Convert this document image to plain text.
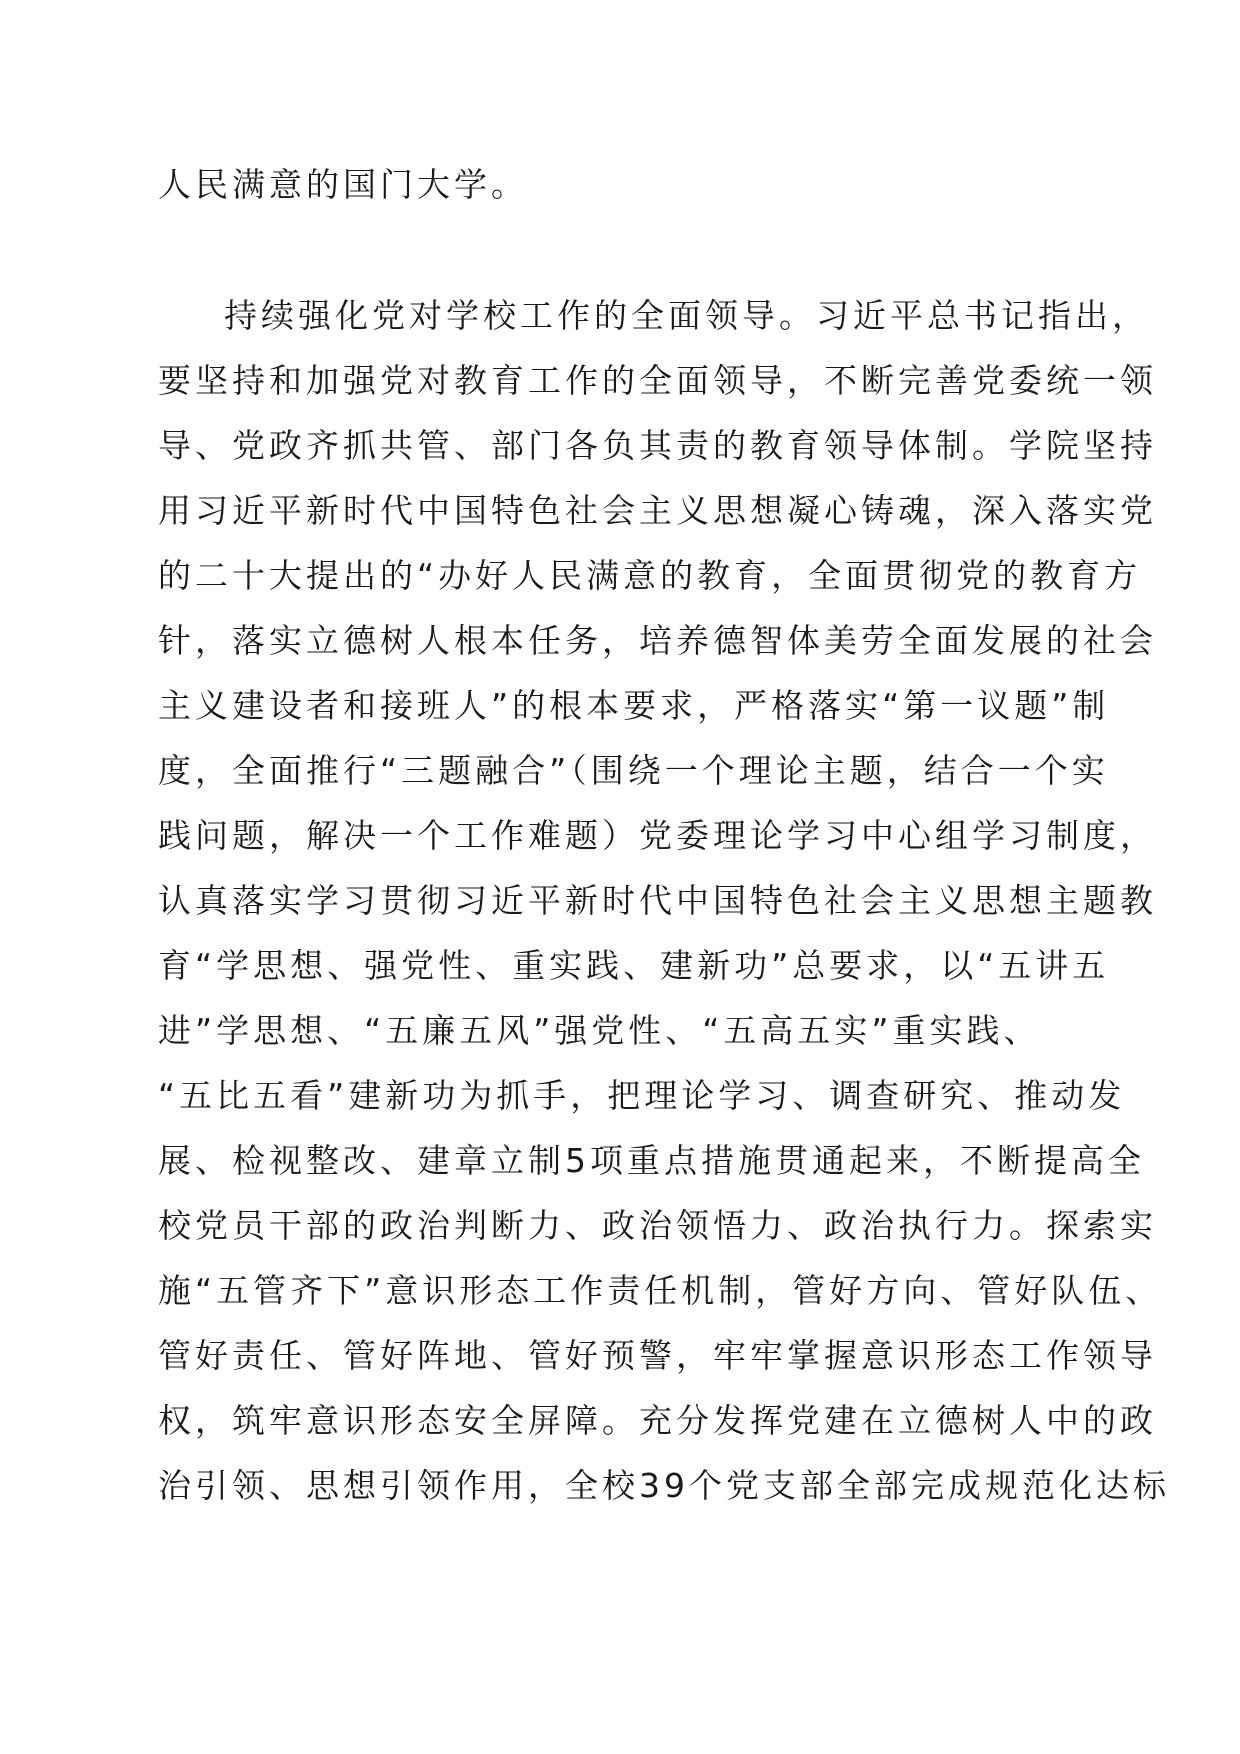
人民满意的国门大学。
持续强化党对学校工作的全面领导。习近平总书记指出，
要坚持和加强党对教育工作的全面领导，不断完善党委统一领
导、党政齐抓共管、部门各负其责的教育领导体制。学院坚持
用习近平新时代中国特色社会主义思想凝心铸魂，深入落实党
的二十大提出的“办好人民满意的教育，全面贯彻党的教育方
针，落实立德树人根本任务，培养德智体美劳全面发展的社会
主义建设者和接班人”的根本要求，严格落实“第一议题”制
度，全面推行“三题融合”（围绕一个理论主题，结合一个实
践问题，解决一个工作难题）党委理论学习中心组学习制度，
认真落实学习贯彻习近平新时代中国特色社会主义思想主题教
育“学思想、强党性、重实践、建新功”总要求，以“五讲五
进”学思想、“五廉五风”强党性、“五高五实”重实践、
“五比五看”建新功为抓手，把理论学习、调查研究、推动发
展、检视整改、建章立制5项重点措施贯通起来，不断提高全
校党员干部的政治判断力、政治领悟力、政治执行力。探索实
施“五管齐下”意识形态工作责任机制，管好方向、管好队伍、
管好责任、管好阵地、管好预警，牢牢掌握意识形态工作领导
权，筑牢意识形态安全屏障。充分发挥党建在立德树人中的政
治引领、思想引领作用，全校39个党支部全部完成规范化达标
